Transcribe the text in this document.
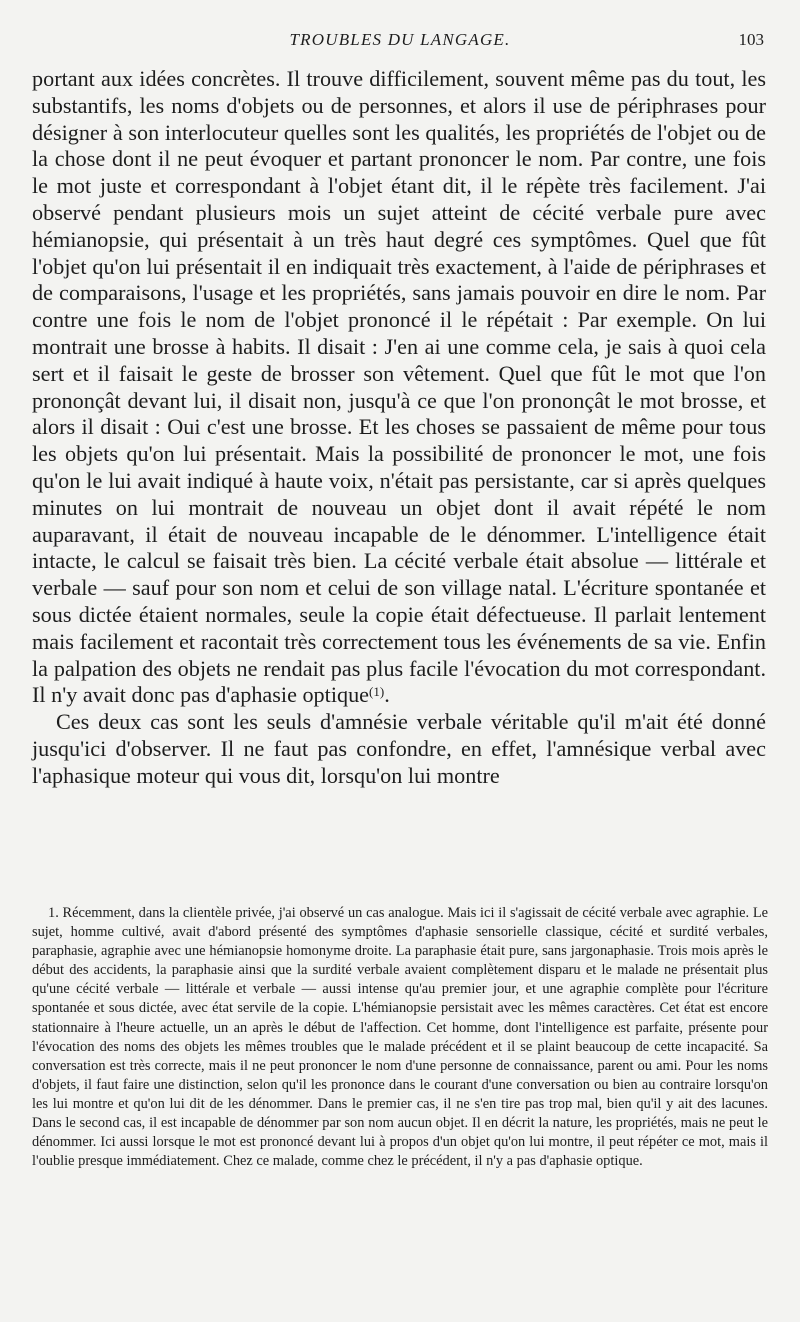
TROUBLES DU LANGAGE.	103

portant aux idées concrètes. Il trouve difficilement, souvent même pas du tout, les substantifs, les noms d'objets ou de personnes, et alors il use de périphrases pour désigner à son interlocuteur quelles sont les qualités, les propriétés de l'objet ou de la chose dont il ne peut évoquer et partant prononcer le nom. Par contre, une fois le mot juste et correspondant à l'objet étant dit, il le répète très facilement. J'ai observé pendant plusieurs mois un sujet atteint de cécité verbale pure avec hémianopsie, qui présentait à un très haut degré ces symptômes. Quel que fût l'objet qu'on lui présentait il en indiquait très exactement, à l'aide de périphrases et de comparaisons, l'usage et les propriétés, sans jamais pouvoir en dire le nom. Par contre une fois le nom de l'objet prononcé il le répétait : Par exemple. On lui montrait une brosse à habits. Il disait : J'en ai une comme cela, je sais à quoi cela sert et il faisait le geste de brosser son vêtement. Quel que fût le mot que l'on prononçât devant lui, il disait non, jusqu'à ce que l'on prononçât le mot brosse, et alors il disait : Oui c'est une brosse. Et les choses se passaient de même pour tous les objets qu'on lui présentait. Mais la possibilité de prononcer le mot, une fois qu'on le lui avait indiqué à haute voix, n'était pas persistante, car si après quelques minutes on lui montrait de nouveau un objet dont il avait répété le nom auparavant, il était de nouveau incapable de le dénommer. L'intelligence était intacte, le calcul se faisait très bien. La cécité verbale était absolue — littérale et verbale — sauf pour son nom et celui de son village natal. L'écriture spontanée et sous dictée étaient normales, seule la copie était défectueuse. Il parlait lentement mais facilement et racontait très correctement tous les événements de sa vie. Enfin la palpation des objets ne rendait pas plus facile l'évocation du mot correspondant. Il n'y avait donc pas d'aphasie optique$^{(1)}$.

Ces deux cas sont les seuls d'amnésie verbale véritable qu'il m'ait été donné jusqu'ici d'observer. Il ne faut pas confondre, en effet, l'amnésique verbal avec l'aphasique moteur qui vous dit, lorsqu'on lui montre

1. Récemment, dans la clientèle privée, j'ai observé un cas analogue. Mais ici il s'agissait de cécité verbale avec agraphie. Le sujet, homme cultivé, avait d'abord présenté des symptômes d'aphasie sensorielle classique, cécité et surdité verbales, paraphasie, agraphie avec une hémianopsie homonyme droite. La paraphasie était pure, sans jargonaphasie. Trois mois après le début des accidents, la paraphasie ainsi que la surdité verbale avaient complètement disparu et le malade ne présentait plus qu'une cécité verbale — littérale et verbale — aussi intense qu'au premier jour, et une agraphie complète pour l'écriture spontanée et sous dictée, avec état servile de la copie. L'hémianopsie persistait avec les mêmes caractères. Cet état est encore stationnaire à l'heure actuelle, un an après le début de l'affection. Cet homme, dont l'intelligence est parfaite, présente pour l'évocation des noms des objets les mêmes troubles que le malade précédent et il se plaint beaucoup de cette incapacité. Sa conversation est très correcte, mais il ne peut prononcer le nom d'une personne de connaissance, parent ou ami. Pour les noms d'objets, il faut faire une distinction, selon qu'il les prononce dans le courant d'une conversation ou bien au contraire lorsqu'on les lui montre et qu'on lui dit de les dénommer. Dans le premier cas, il ne s'en tire pas trop mal, bien qu'il y ait des lacunes. Dans le second cas, il est incapable de dénommer par son nom aucun objet. Il en décrit la nature, les propriétés, mais ne peut le dénommer. Ici aussi lorsque le mot est prononcé devant lui à propos d'un objet qu'on lui montre, il peut répéter ce mot, mais il l'oublie presque immédiatement. Chez ce malade, comme chez le précédent, il n'y a pas d'aphasie optique.
